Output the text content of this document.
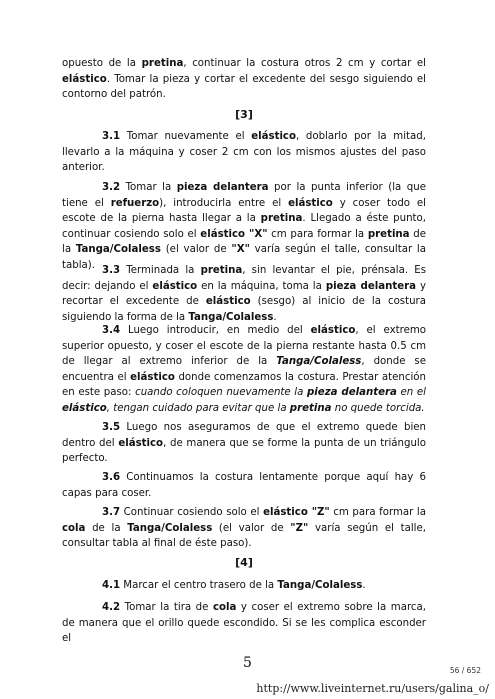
opuesto de la pretina, continuar la costura otros 2 cm y cortar el elástico. Tomar la pieza y cortar el excedente del sesgo siguiendo el contorno del patrón.

[3]

3.1 Tomar nuevamente el elástico, doblarlo por la mitad, llevarlo a la máquina y coser 2 cm con los mismos ajustes del paso anterior.

3.2 Tomar la pieza delantera por la punta inferior (la que tiene el refuerzo), introducirla entre el elástico y coser todo el escote de la pierna hasta llegar a la pretina. Llegado a éste punto, continuar cosiendo solo el elástico "X" cm para formar la pretina de la Tanga/Colaless (el valor de "X" varía según el talle, consultar la tabla). 3.3 Terminada la pretina, sin levantar el pie, prénsala. Es decir: dejando el elástico en la máquina, toma la pieza delantera y recortar el excedente de elástico (sesgo) al inicio de la costura siguiendo la forma de la Tanga/Colaless.

3.4 Luego introducir, en medio del elástico, el extremo superior opuesto, y coser el escote de la pierna restante hasta 0.5 cm de llegar al extremo inferior de la Tanga/Colaless, donde se encuentra el elástico donde comenzamos la costura. Prestar atención en este paso: cuando coloquen nuevamente la pieza delantera en el elástico, tengan cuidado para evitar que la pretina no quede torcida.

3.5 Luego nos aseguramos de que el extremo quede bien dentro del elástico, de manera que se forme la punta de un triángulo perfecto.

3.6 Continuamos la costura lentamente porque aquí hay 6 capas para coser.

3.7 Continuar cosiendo solo el elástico "Z" cm para formar la cola de la Tanga/Colaless (el valor de "Z" varía según el talle, consultar tabla al final de éste paso).

[4]

4.1 Marcar el centro trasero de la Tanga/Colaless.

4.2 Tomar la tira de cola y coser el extremo sobre la marca, de manera que el orillo quede escondido. Si se les complica esconder el

5	56 / 652
http://www.liveinternet.ru/users/galina_o/
